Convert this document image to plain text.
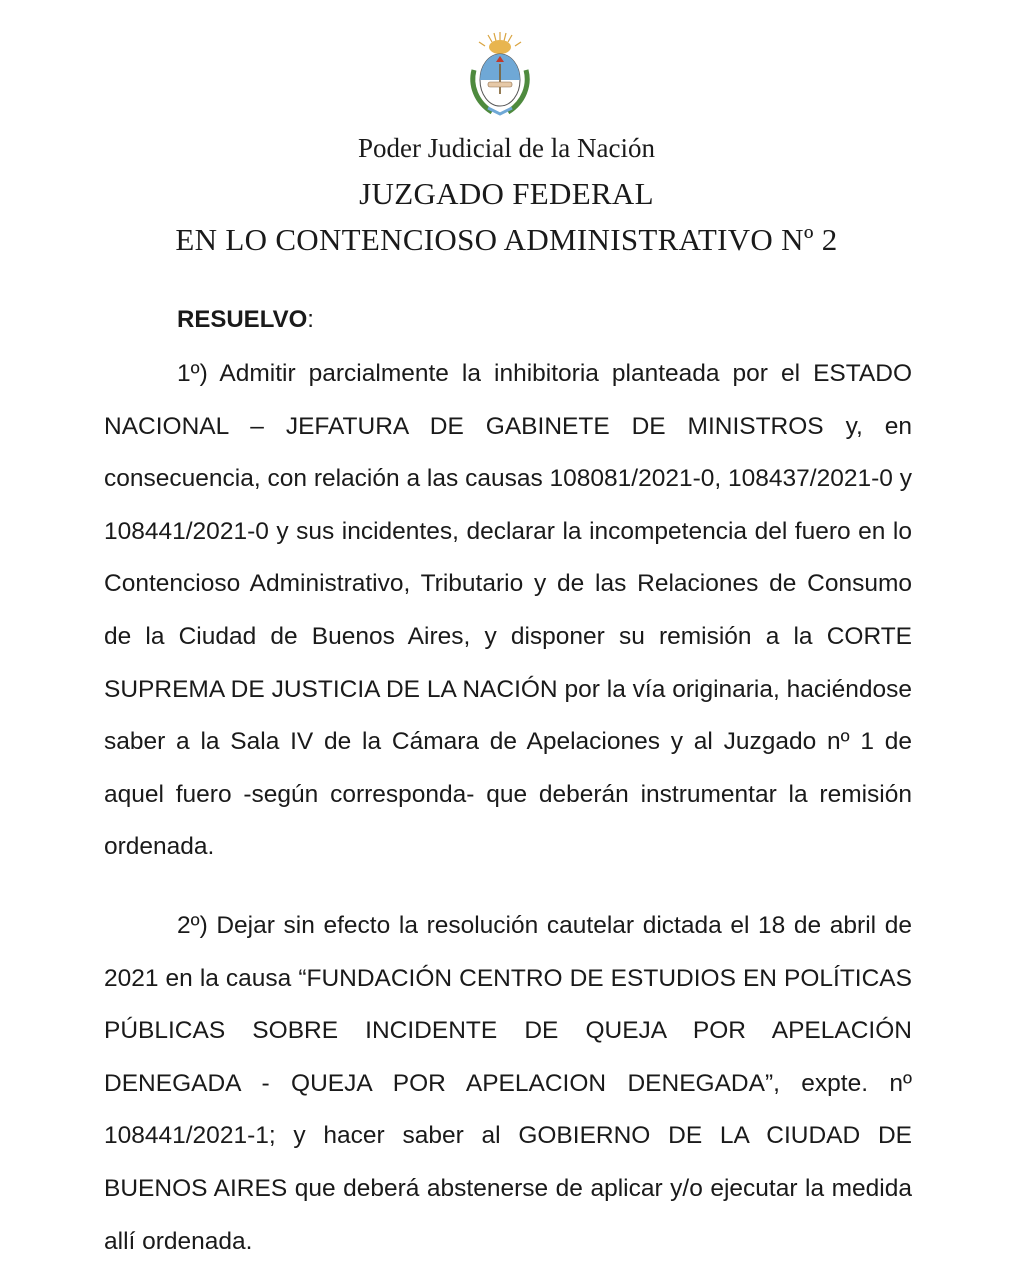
Poder Judicial de la Nación
JUZGADO FEDERAL
EN LO CONTENCIOSO ADMINISTRATIVO Nº 2
RESUELVO:
1º) Admitir parcialmente la inhibitoria planteada por el ESTADO NACIONAL – JEFATURA DE GABINETE DE MINISTROS y, en consecuencia, con relación a las causas 108081/2021-0, 108437/2021-0 y 108441/2021-0 y sus incidentes, declarar la incompetencia del fuero en lo Contencioso Administrativo, Tributario y de las Relaciones de Consumo de la Ciudad de Buenos Aires, y disponer su remisión a la CORTE SUPREMA DE JUSTICIA DE LA NACIÓN por la vía originaria, haciéndose saber a la Sala IV de la Cámara de Apelaciones y al Juzgado nº 1 de aquel fuero -según corresponda- que deberán instrumentar la remisión ordenada.
2º) Dejar sin efecto la resolución cautelar dictada el 18 de abril de 2021 en la causa “FUNDACIÓN CENTRO DE ESTUDIOS EN POLÍTICAS PÚBLICAS SOBRE INCIDENTE DE QUEJA POR APELACIÓN DENEGADA - QUEJA POR APELACION DENEGADA”, expte. nº 108441/2021-1; y hacer saber al GOBIERNO DE LA CIUDAD DE BUENOS AIRES que deberá abstenerse de aplicar y/o ejecutar la medida allí ordenada.
